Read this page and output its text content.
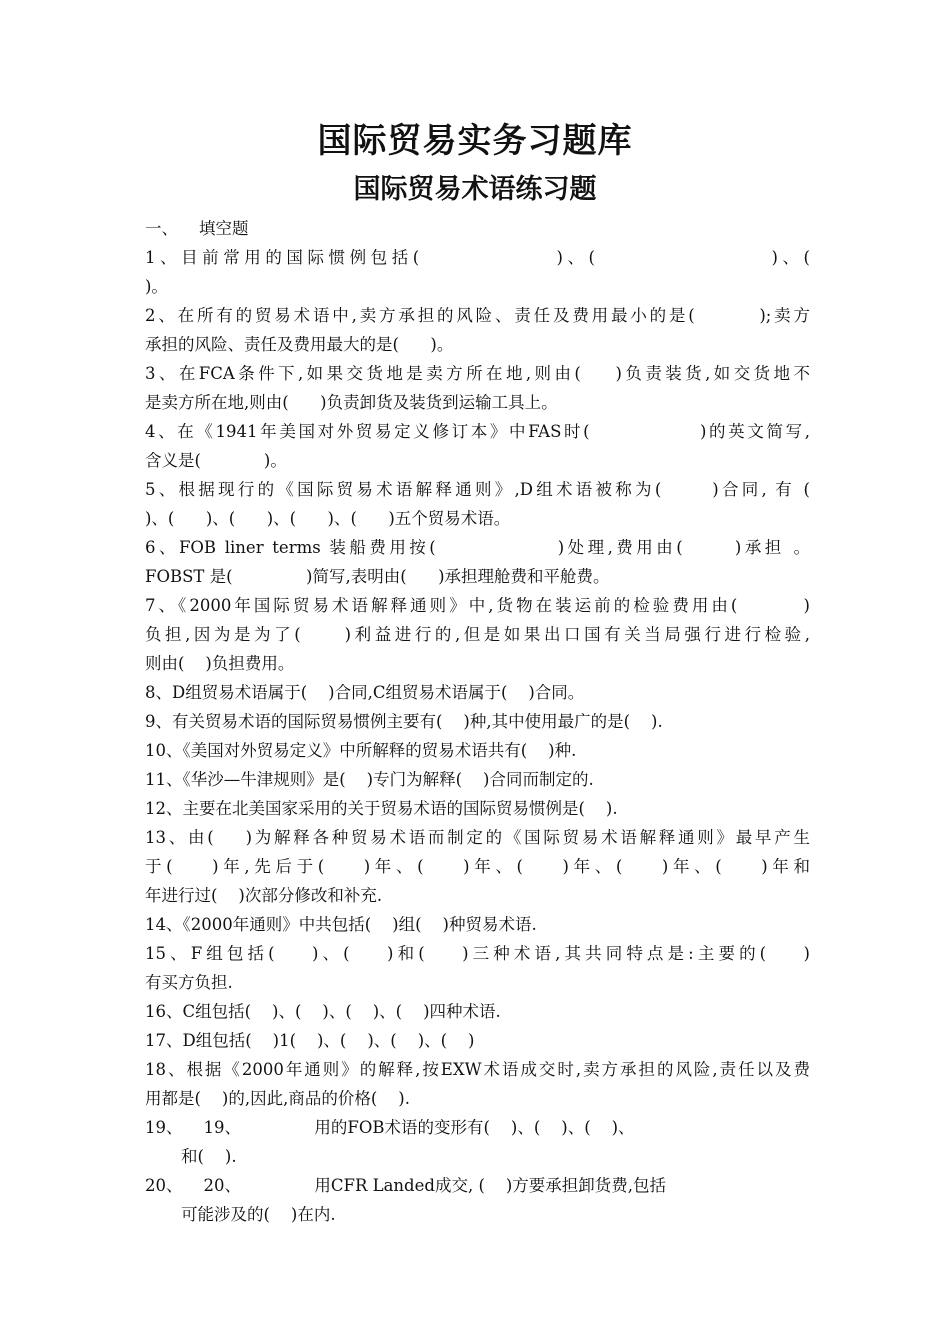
国际贸易实务习题库
国际贸易术语练习题
一、    填空题
1、目前常用的国际惯例包括(              )、(                  )、(
)。
2、在所有的贸易术语中,卖方承担的风险、责任及费用最小的是(        );卖方
承担的风险、责任及费用最大的是(      )。
3、在FCA条件下,如果交货地是卖方所在地,则由(    )负责装货,如交货地不
是卖方所在地,则由(      )负责卸货及装货到运输工具上。
4、在《1941年美国对外贸易定义修订本》中FAS时(              )的英文简写,
含义是(            )。
5、根据现行的《国际贸易术语解释通则》,D组术语被称为(      )合同, 有 (
)、(      )、(      )、(      )、(      )五个贸易术语。
6、FOB liner terms 装船费用按(              )处理,费用由(      )承担 。
FOBST 是(              )简写,表明由(      )承担理舱费和平舱费。
7、《2000年国际贸易术语解释通则》中,货物在装运前的检验费用由(        )
负担,因为是为了(     )利益进行的,但是如果出口国有关当局强行进行检验,
则由(    )负担费用。
8、D组贸易术语属于(    )合同,C组贸易术语属于(    )合同。
9、有关贸易术语的国际贸易惯例主要有(    )种,其中使用最广的是(    ).
10、《美国对外贸易定义》中所解释的贸易术语共有(    )种.
11、《华沙—牛津规则》是(    )专门为解释(    )合同而制定的.
12、主要在北美国家采用的关于贸易术语的国际贸易惯例是(    ).
13、由(    )为解释各种贸易术语而制定的《国际贸易术语解释通则》最早产生
于(    )年,先后于(    )年、(    )年、(    )年、(    )年、(    )年和
年进行过(    )次部分修改和补充.
14、《2000年通则》中共包括(    )组(    )种贸易术语.
15、F组包括(    )、(    )和(    )三种术语,其共同特点是:主要的(    )
有买方负担.
16、C组包括(    )、(    )、(    )、(    )四种术语.
17、D组包括(    )1(    )、(    )、(    )、(    )
18、根据《2000年通则》的解释,按EXW术语成交时,卖方承担的风险,责任以及费
用都是(    )的,因此,商品的价格(    ).
19、    19、              用的FOB术语的变形有(    )、(    )、(    )、
和(    ).
20、    20、              用CFR Landed成交, (    )方要承担卸货费,包括
可能涉及的(    )在内.
